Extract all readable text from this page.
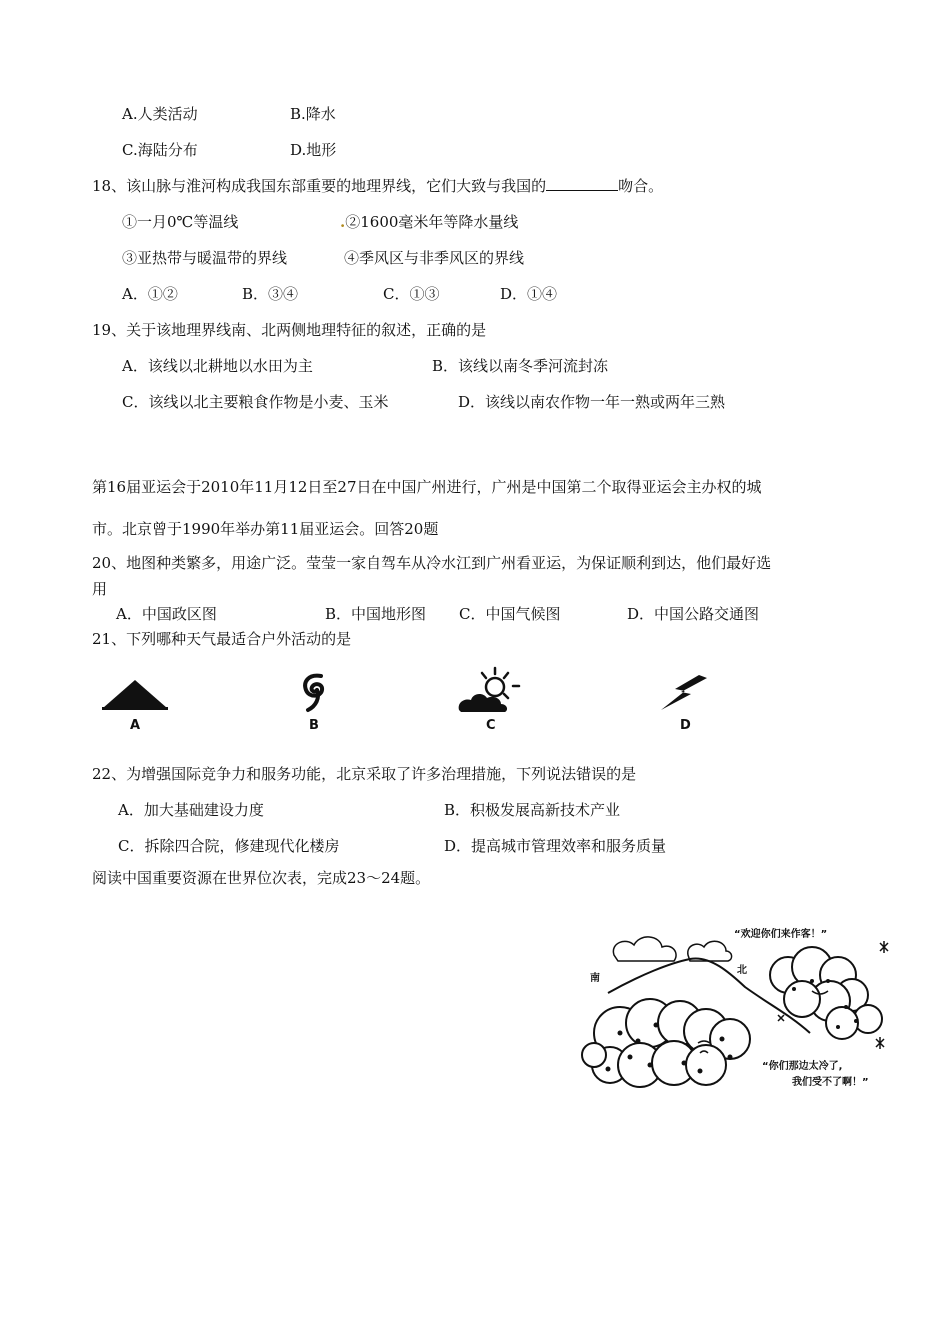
A.人类活动	B.降水
C.海陆分布	D.地形
18、该山脉与淮河构成我国东部重要的地理界线，它们大致与我国的	吻合。
①一月0℃等温线	.②1600毫米年等降水量线
③亚热带与暖温带的界线	④季风区与非季风区的界线
A．①②	B．③④	C．①③	D．①④
19、关于该地理界线南、北两侧地理特征的叙述，正确的是
A．该线以北耕地以水田为主	B．该线以南冬季河流封冻
C．该线以北主要粮食作物是小麦、玉米	D．该线以南农作物一年一熟或两年三熟
第16届亚运会于2010年11月12日至27日在中国广州进行，广州是中国第二个取得亚运会主办权的城
市。北京曾于1990年举办第11届亚运会。回答20题
20、地图种类繁多，用途广泛。莹莹一家自驾车从冷水江到广州看亚运，为保证顺利到达，他们最好选
用
A．中国政区图	B．中国地形图 C．中国气候图	D．中国公路交通图
21、下列哪种天气最适合户外活动的是
A	B	C	D
22、为增强国际竞争力和服务功能，北京采取了许多治理措施，下列说法错误的是
A．加大基础建设力度	B．积极发展高新技术产业
C．拆除四合院，修建现代化楼房	D．提高城市管理效率和服务质量
阅读中国重要资源在世界位次表，完成23～24题。
“欢迎你们来作客！”
南
北
“你们那边太冷了,
我们受不了啊！”
